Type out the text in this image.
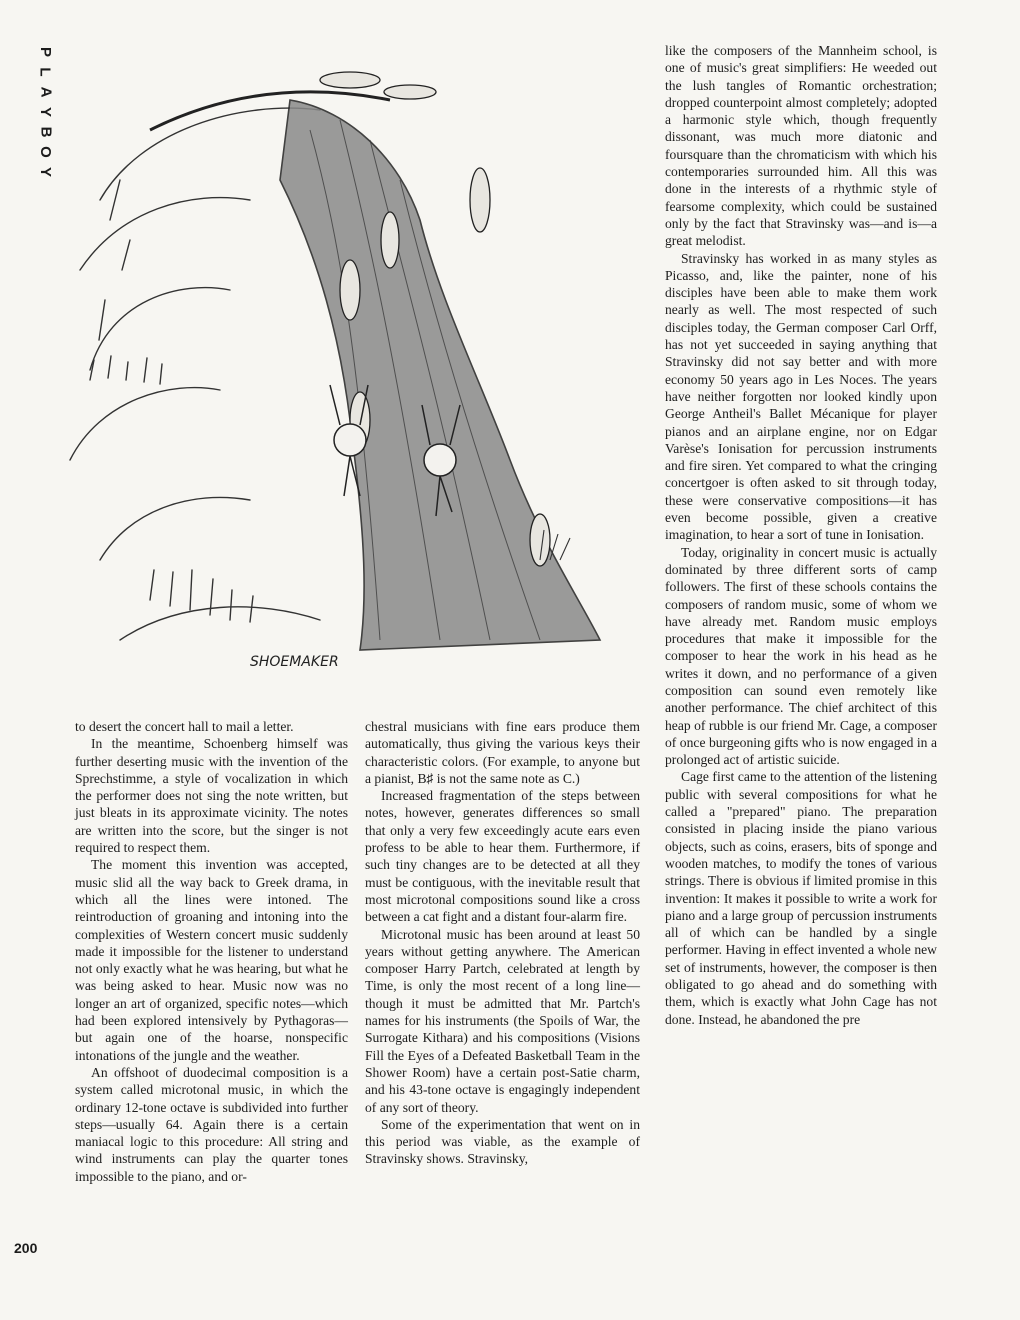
P
L
A
Y
B
O
Y
SHOEMAKER

to desert the concert hall to mail a letter.

In the meantime, Schoenberg himself was further deserting music with the invention of the Sprechstimme, a style of vocalization in which the performer does not sing the note written, but just bleats in its approximate vicinity. The notes are written into the score, but the singer is not required to respect them.

The moment this invention was accepted, music slid all the way back to Greek drama, in which all the lines were intoned. The reintroduction of groaning and intoning into the complexities of Western concert music suddenly made it impossible for the listener to understand not only exactly what he was hearing, but what he was being asked to hear. Music now was no longer an art of organized, specific notes—which had been explored intensively by Pythagoras—but again one of the hoarse, nonspecific intonations of the jungle and the weather.

An offshoot of duodecimal composition is a system called microtonal music, in which the ordinary 12-tone octave is subdivided into further steps—usually 64. Again there is a certain maniacal logic to this procedure: All string and wind instruments can play the quarter tones impossible to the piano, and or-

chestral musicians with fine ears produce them automatically, thus giving the various keys their characteristic colors. (For example, to anyone but a pianist, B♯ is not the same note as C.)

Increased fragmentation of the steps between notes, however, generates differences so small that only a very few exceedingly acute ears even profess to be able to hear them. Furthermore, if such tiny changes are to be detected at all they must be contiguous, with the inevitable result that most microtonal compositions sound like a cross between a cat fight and a distant four-alarm fire.

Microtonal music has been around at least 50 years without getting anywhere. The American composer Harry Partch, celebrated at length by Time, is only the most recent of a long line—though it must be admitted that Mr. Partch's names for his instruments (the Spoils of War, the Surrogate Kithara) and his compositions (Visions Fill the Eyes of a Defeated Basketball Team in the Shower Room) have a certain post-Satie charm, and his 43-tone octave is engagingly independent of any sort of theory.

Some of the experimentation that went on in this period was viable, as the example of Stravinsky shows. Stravinsky,

like the composers of the Mannheim school, is one of music's great simplifiers: He weeded out the lush tangles of Romantic orchestration; dropped counterpoint almost completely; adopted a harmonic style which, though frequently dissonant, was much more diatonic and foursquare than the chromaticism with which his contemporaries surrounded him. All this was done in the interests of a rhythmic style of fearsome complexity, which could be sustained only by the fact that Stravinsky was—and is—a great melodist.

Stravinsky has worked in as many styles as Picasso, and, like the painter, none of his disciples have been able to make them work nearly as well. The most respected of such disciples today, the German composer Carl Orff, has not yet succeeded in saying anything that Stravinsky did not say better and with more economy 50 years ago in Les Noces. The years have neither forgotten nor looked kindly upon George Antheil's Ballet Mécanique for player pianos and an airplane engine, nor on Edgar Varèse's Ionisation for percussion instruments and fire siren. Yet compared to what the cringing concertgoer is often asked to sit through today, these were conservative compositions—it has even become possible, given a creative imagination, to hear a sort of tune in Ionisation.

Today, originality in concert music is actually dominated by three different sorts of camp followers. The first of these schools contains the composers of random music, some of whom we have already met. Random music employs procedures that make it impossible for the composer to hear the work in his head as he writes it down, and no performance of a given composition can sound even remotely like another performance. The chief architect of this heap of rubble is our friend Mr. Cage, a composer of once burgeoning gifts who is now engaged in a prolonged act of artistic suicide.

Cage first came to the attention of the listening public with several compositions for what he called a "prepared" piano. The preparation consisted in placing inside the piano various objects, such as coins, erasers, bits of sponge and wooden matches, to modify the tones of various strings. There is obvious if limited promise in this invention: It makes it possible to write a work for piano and a large group of percussion instruments all of which can be handled by a single performer. Having in effect invented a whole new set of instruments, however, the composer is then obligated to go ahead and do something with them, which is exactly what John Cage has not done. Instead, he abandoned the pre

200
